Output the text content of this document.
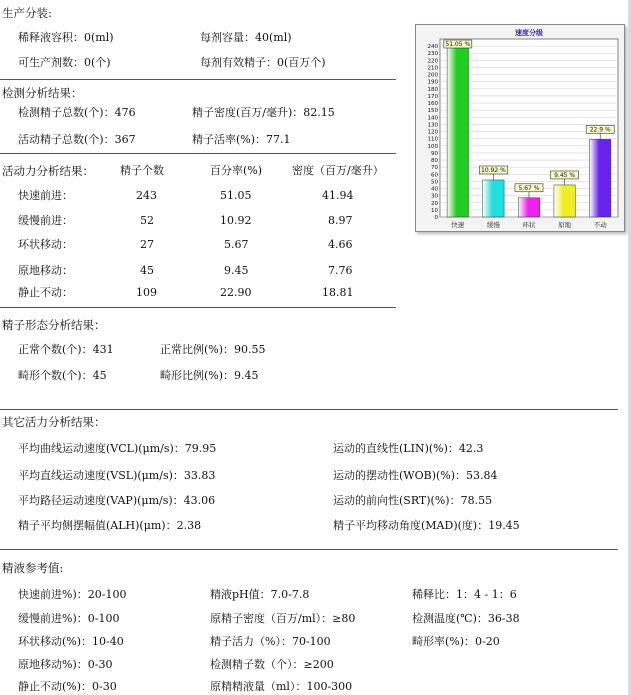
生产分装:
稀释液容积：0(ml)	每剂容量：40(ml)
可生产剂数：0(个)	每剂有效精子：0(百万个)
检测分析结果：
检测精子总数(个)：476	精子密度(百万/毫升)：82.15
活动精子总数(个)：367	精子活率(%)：77.1
活动力分析结果： 精子个数	百分率(%)	密度（百万/毫升）
快速前进：	243	51.05	41.94
缓慢前进：	52	10.92	8.97
环状移动：	27	5.67	4.66
原地移动：	45	9.45	7.76
静止不动：	109	22.90	18.81
精子形态分析结果：
正常个数(个)：431	正常比例(%)：90.55
畸形个数(个)：45	畸形比例(%)：9.45
其它活力分析结果：
平均曲线运动速度(VCL)(μm/s)：79.95	运动的直线性(LIN)(%)：42.3
平均直线运动速度(VSL)(μm/s)：33.83	运动的摆动性(WOB)(%)：53.84
平均路径运动速度(VAP)(μm/s)：43.06	运动的前向性(SRT)(%)：78.55
精子平均侧摆幅值(ALH)(μm)：2.38	精子平均移动角度(MAD)(度)：19.45
精液参考值:
快速前进%)：20-100	精液pH值：7.0-7.8	稀释比：1：4 - 1：6
缓慢前进%)：0-100	原精子密度（百万/ml）：≥80	检测温度(℃)：36-38
环状移动(%)：10-40	精子活力（%）：70-100	畸形率(%)：0-20
原地移动%)：0-30	检测精子数（个）：≥200
静止不动(%)：0-30	原精精液量（ml）：100-300
速度分级
0
10
20
30
40
50
60
70
80
90
100
110
120
130
140
150
160
170
180
190
200
210
220
230
240 51.05 %
快速
10.92 %
缓慢
5.67 %
环状
9.45 %
原地
22.9 %
不动
